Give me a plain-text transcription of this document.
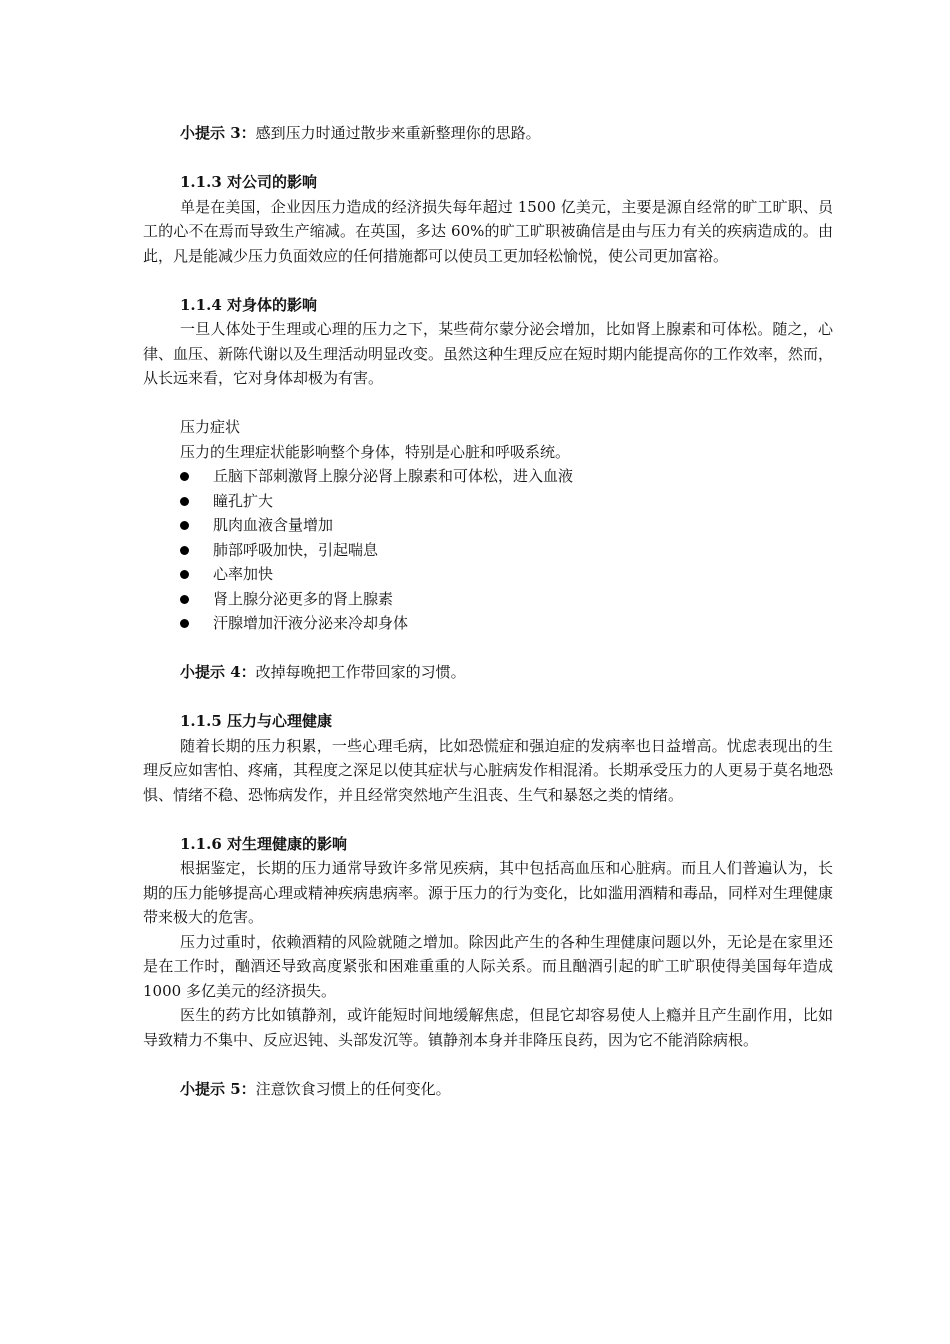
小提示 3：感到压力时通过散步来重新整理你的思路。

1.1.3 对公司的影响

单是在美国，企业因压力造成的经济损失每年超过 1500 亿美元，主要是源自经常的旷工旷职、员工的心不在焉而导致生产缩减。在英国，多达 60%的旷工旷职被确信是由与压力有关的疾病造成的。由此，凡是能减少压力负面效应的任何措施都可以使员工更加轻松愉悦，使公司更加富裕。

1.1.4 对身体的影响

一旦人体处于生理或心理的压力之下，某些荷尔蒙分泌会增加，比如肾上腺素和可体松。随之，心律、血压、新陈代谢以及生理活动明显改变。虽然这种生理反应在短时期内能提高你的工作效率，然而，从长远来看，它对身体却极为有害。

压力症状

压力的生理症状能影响整个身体，特别是心脏和呼吸系统。

丘脑下部刺激肾上腺分泌肾上腺素和可体松，进入血液
瞳孔扩大
肌肉血液含量增加
肺部呼吸加快，引起喘息
心率加快
肾上腺分泌更多的肾上腺素
汗腺增加汗液分泌来冷却身体

小提示 4：改掉每晚把工作带回家的习惯。

1.1.5 压力与心理健康

随着长期的压力积累，一些心理毛病，比如恐慌症和强迫症的发病率也日益增高。忧虑表现出的生理反应如害怕、疼痛，其程度之深足以使其症状与心脏病发作相混淆。长期承受压力的人更易于莫名地恐惧、情绪不稳、恐怖病发作，并且经常突然地产生沮丧、生气和暴怒之类的情绪。

1.1.6 对生理健康的影响

根据鉴定，长期的压力通常导致许多常见疾病，其中包括高血压和心脏病。而且人们普遍认为，长期的压力能够提高心理或精神疾病患病率。源于压力的行为变化，比如滥用酒精和毒品，同样对生理健康带来极大的危害。

压力过重时，依赖酒精的风险就随之增加。除因此产生的各种生理健康问题以外，无论是在家里还是在工作时，酗酒还导致高度紧张和困难重重的人际关系。而且酗酒引起的旷工旷职使得美国每年造成 1000 多亿美元的经济损失。

医生的药方比如镇静剂，或许能短时间地缓解焦虑，但昆它却容易使人上瘾并且产生副作用，比如导致精力不集中、反应迟钝、头部发沉等。镇静剂本身并非降压良药，因为它不能消除病根。

小提示 5：注意饮食习惯上的任何变化。
